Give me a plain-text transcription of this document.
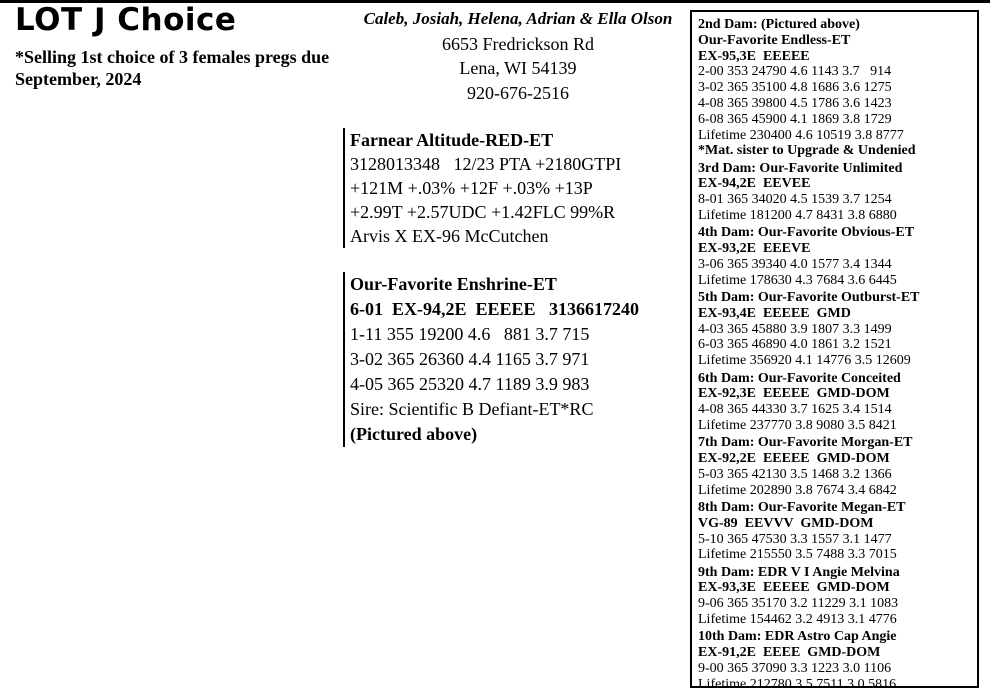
LOT J Choice
*Selling 1st choice of 3 females pregs due September, 2024
Caleb, Josiah, Helena, Adrian & Ella Olson
6653 Fredrickson Rd
Lena, WI 54139
920-676-2516
Farnear Altitude-RED-ET
3128013348   12/23 PTA +2180GTPI
+121M +.03% +12F +.03% +13P
+2.99T +2.57UDC +1.42FLC 99%R
Arvis X EX-96 McCutchen
Our-Favorite Enshrine-ET
6-01  EX-94,2E  EEEEE   3136617240
1-11 355 19200 4.6   881 3.7 715
3-02 365 26360 4.4 1165 3.7 971
4-05 365 25320 4.7 1189 3.9 983
Sire: Scientific B Defiant-ET*RC
(Pictured above)
2nd Dam: (Pictured above)
Our-Favorite Endless-ET
EX-95,3E  EEEEE
2-00 353 24790 4.6 1143 3.7   914
3-02 365 35100 4.8 1686 3.6 1275
4-08 365 39800 4.5 1786 3.6 1423
6-08 365 45900 4.1 1869 3.8 1729
Lifetime 230400 4.6 10519 3.8 8777
*Mat. sister to Upgrade & Undenied
3rd Dam: Our-Favorite Unlimited
EX-94,2E  EEVEE
8-01 365 34020 4.5 1539 3.7 1254
Lifetime 181200 4.7 8431 3.8 6880
4th Dam: Our-Favorite Obvious-ET
EX-93,2E  EEEVE
3-06 365 39340 4.0 1577 3.4 1344
Lifetime 178630 4.3 7684 3.6 6445
5th Dam: Our-Favorite Outburst-ET
EX-93,4E  EEEEE  GMD
4-03 365 45880 3.9 1807 3.3 1499
6-03 365 46890 4.0 1861 3.2 1521
Lifetime 356920 4.1 14776 3.5 12609
6th Dam: Our-Favorite Conceited
EX-92,3E  EEEEE  GMD-DOM
4-08 365 44330 3.7 1625 3.4 1514
Lifetime 237770 3.8 9080 3.5 8421
7th Dam: Our-Favorite Morgan-ET
EX-92,2E  EEEEE  GMD-DOM
5-03 365 42130 3.5 1468 3.2 1366
Lifetime 202890 3.8 7674 3.4 6842
8th Dam: Our-Favorite Megan-ET
VG-89  EEVVV  GMD-DOM
5-10 365 47530 3.3 1557 3.1 1477
Lifetime 215550 3.5 7488 3.3 7015
9th Dam: EDR V I Angie Melvina
EX-93,3E  EEEEE  GMD-DOM
9-06 365 35170 3.2 11229 3.1 1083
Lifetime 154462 3.2 4913 3.1 4776
10th Dam: EDR Astro Cap Angie
EX-91,2E  EEEE  GMD-DOM
9-00 365 37090 3.3 1223 3.0 1106
Lifetime 212780 3.5 7511 3.0 5816
